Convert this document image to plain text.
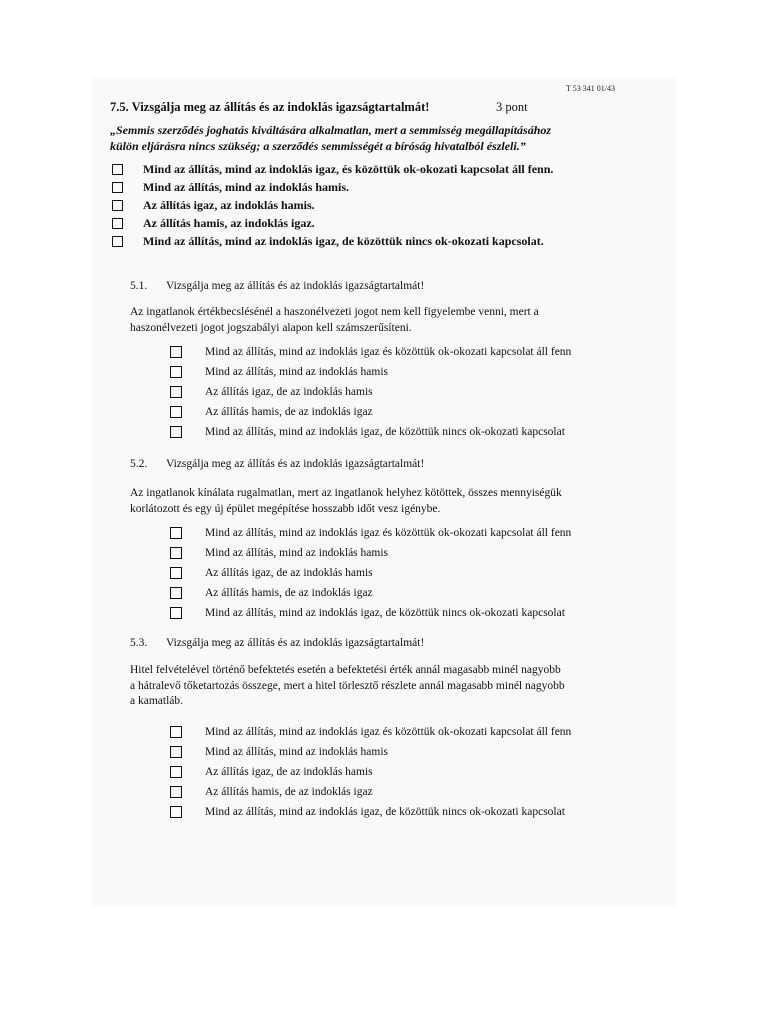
T 53 341 01/43
7.5. Vizsgálja meg az állítás és az indoklás igazságtartalmát!	3 pont
„Semmis szerződés joghatás kiváltására alkalmatlan, mert a semmisség megállapításához
külön eljárásra nincs szükség; a szerződés semmisségét a bíróság hivatalból észleli.”
Mind az állítás, mind az indoklás igaz, és közöttük ok-okozati kapcsolat áll fenn.
Mind az állítás, mind az indoklás hamis.
Az állítás igaz, az indoklás hamis.
Az állítás hamis, az indoklás igaz.
Mind az állítás, mind az indoklás igaz, de közöttük nincs ok-okozati kapcsolat.
5.1. Vizsgálja meg az állítás és az indoklás igazságtartalmát!
Az ingatlanok értékbecslésénél a haszonélvezeti jogot nem kell figyelembe venni, mert a
haszonélvezeti jogot jogszabályi alapon kell számszerűsíteni.
Mind az állítás, mind az indoklás igaz és közöttük ok-okozati kapcsolat áll fenn
Mind az állítás, mind az indoklás hamis
Az állítás igaz, de az indoklás hamis
Az állítás hamis, de az indoklás igaz
Mind az állítás, mind az indoklás igaz, de közöttük nincs ok-okozati kapcsolat
5.2. Vizsgálja meg az állítás és az indoklás igazságtartalmát!
Az ingatlanok kínálata rugalmatlan, mert az ingatlanok helyhez kötöttek, összes mennyiségük
korlátozott és egy új épület megépítése hosszabb időt vesz igénybe.
Mind az állítás, mind az indoklás igaz és közöttük ok-okozati kapcsolat áll fenn
Mind az állítás, mind az indoklás hamis
Az állítás igaz, de az indoklás hamis
Az állítás hamis, de az indoklás igaz
Mind az állítás, mind az indoklás igaz, de közöttük nincs ok-okozati kapcsolat
5.3. Vizsgálja meg az állítás és az indoklás igazságtartalmát!
Hitel felvételével történő befektetés esetén a befektetési érték annál magasabb minél nagyobb
a hátralevő tőketartozás összege, mert a hitel törlesztő részlete annál magasabb minél nagyobb
a kamatláb.
Mind az állítás, mind az indoklás igaz és közöttük ok-okozati kapcsolat áll fenn
Mind az állítás, mind az indoklás hamis
Az állítás igaz, de az indoklás hamis
Az állítás hamis, de az indoklás igaz
Mind az állítás, mind az indoklás igaz, de közöttük nincs ok-okozati kapcsolat
